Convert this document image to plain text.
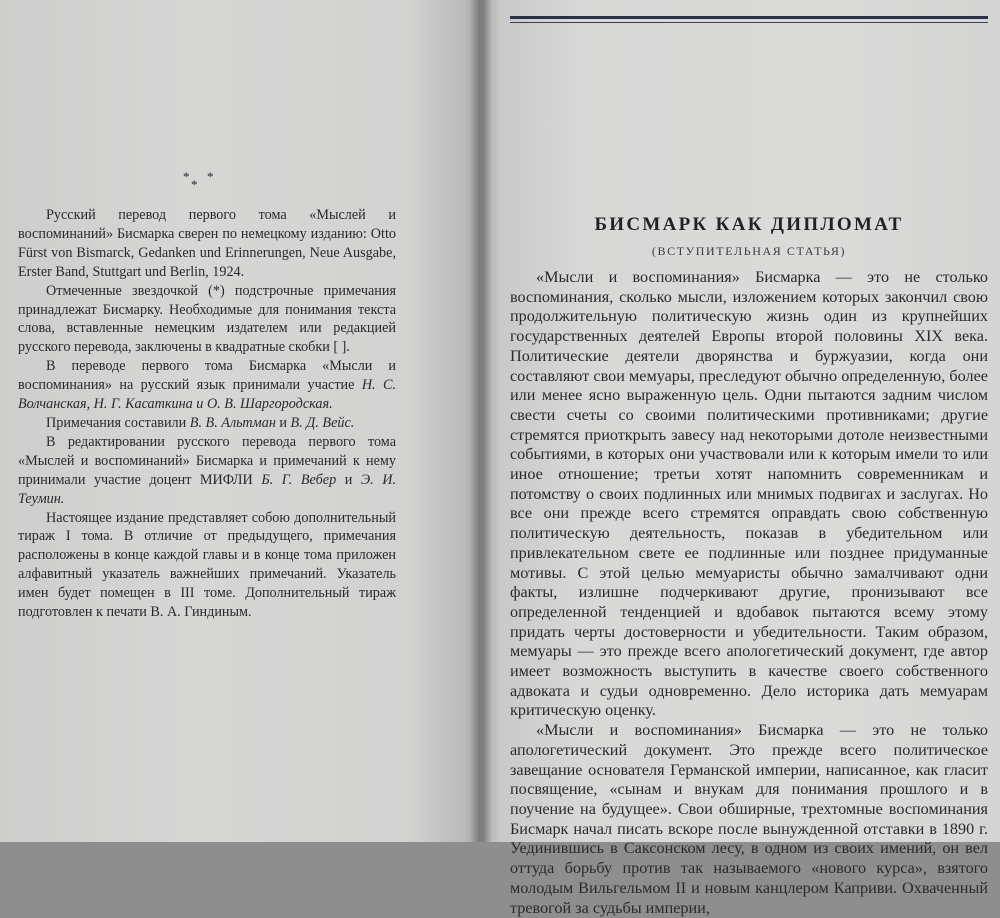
*
*
*

Русский перевод первого тома «Мыслей и воспоминаний» Бисмарка сверен по немецкому изданию: Otto Fürst von Bismarck, Gedanken und Erinnerungen, Neue Ausgabe, Erster Band, Stuttgart und Berlin, 1924.

Отмеченные звездочкой (*) подстрочные примечания принадлежат Бисмарку. Необходимые для понимания текста слова, вставленные немецким издателем или редакцией русского перевода, заключены в квадратные скобки [ ].

В переводе первого тома Бисмарка «Мысли и воспоминания» на русский язык принимали участие Н. С. Волчанская, Н. Г. Касаткина и О. В. Шаргородская.

Примечания составили В. В. Альтман и В. Д. Вейс.

В редактировании русского перевода первого тома «Мыслей и воспоминаний» Бисмарка и примечаний к нему принимали участие доцент МИФЛИ Б. Г. Вебер и Э. И. Теумин.

Настоящее издание представляет собою дополнительный тираж I тома. В отличие от предыдущего, примечания расположены в конце каждой главы и в конце тома приложен алфавитный указатель важнейших примечаний. Указатель имен будет помещен в III томе. Дополнительный тираж подготовлен к печати В. А. Гиндиным.

БИСМАРК КАК ДИПЛОМАТ
(ВСТУПИТЕЛЬНАЯ СТАТЬЯ)

«Мысли и воспоминания» Бисмарка — это не столько воспоминания, сколько мысли, изложением которых закончил свою продолжительную политическую жизнь один из крупнейших государственных деятелей Европы второй половины XIX века. Политические деятели дворянства и буржуазии, когда они составляют свои мемуары, преследуют обычно определенную, более или менее ясно выраженную цель. Одни пытаются задним числом свести счеты со своими политическими противниками; другие стремятся приоткрыть завесу над некоторыми дотоле неизвестными событиями, в которых они участвовали или к которым имели то или иное отношение; третьи хотят напомнить современникам и потомству о своих подлинных или мнимых подвигах и заслугах. Но все они прежде всего стремятся оправдать свою собственную политическую деятельность, показав в убедительном или привлекательном свете ее подлинные или позднее придуманные мотивы. С этой целью мемуаристы обычно замалчивают одни факты, излишне подчеркивают другие, пронизывают все определенной тенденцией и вдобавок пытаются всему этому придать черты достоверности и убедительности. Таким образом, мемуары — это прежде всего апологетический документ, где автор имеет возможность выступить в качестве своего собственного адвоката и судьи одновременно. Дело историка дать мемуарам критическую оценку.

«Мысли и воспоминания» Бисмарка — это не только апологетический документ. Это прежде всего политическое завещание основателя Германской империи, написанное, как гласит посвящение, «сынам и внукам для понимания прошлого и в поучение на будущее». Свои обширные, трехтомные воспоминания Бисмарк начал писать вскоре после вынужденной отставки в 1890 г. Уединившись в Саксонском лесу, в одном из своих имений, он вел оттуда борьбу против так называемого «нового курса», взятого молодым Вильгельмом II и новым канцлером Каприви. Охваченный тревогой за судьбы империи,
